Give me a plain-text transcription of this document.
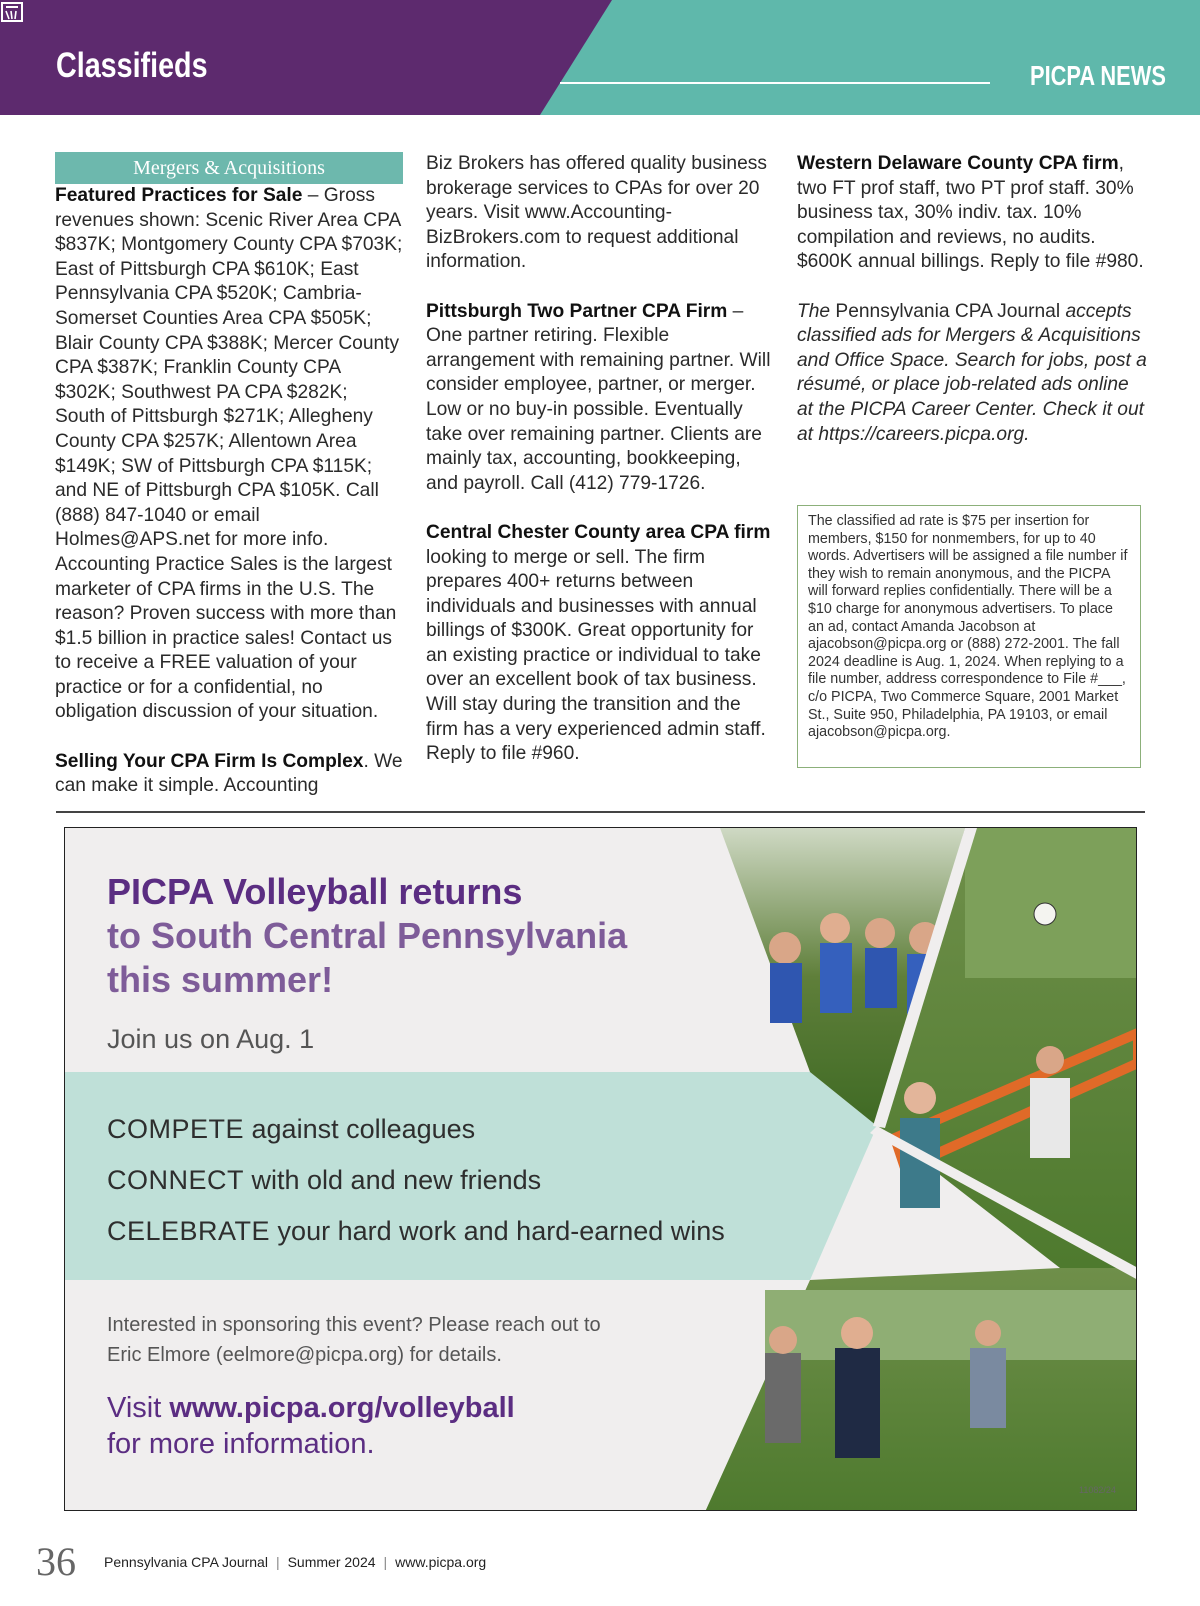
Classifieds	PICPA NEWS
Mergers & Acquisitions

Featured Practices for Sale – Gross revenues shown: Scenic River Area CPA $837K; Montgomery County CPA $703K; East of Pittsburgh CPA $610K; East Pennsylvania CPA $520K; Cambria-Somerset Counties Area CPA $505K; Blair County CPA $388K; Mercer County CPA $387K; Franklin County CPA $302K; Southwest PA CPA $282K; South of Pittsburgh $271K; Allegheny County CPA $257K; Allentown Area $149K; SW of Pittsburgh CPA $115K; and NE of Pittsburgh CPA $105K. Call (888) 847-1040 or email Holmes@APS.net for more info. Accounting Practice Sales is the largest marketer of CPA firms in the U.S. The reason? Proven success with more than $1.5 billion in practice sales! Contact us to receive a FREE valuation of your practice or for a confidential, no obligation discussion of your situation.

Selling Your CPA Firm Is Complex. We can make it simple. Accounting

Biz Brokers has offered quality business brokerage services to CPAs for over 20 years. Visit www.Accounting-BizBrokers.com to request additional information.

Pittsburgh Two Partner CPA Firm – One partner retiring. Flexible arrangement with remaining partner. Will consider employee, partner, or merger. Low or no buy-in possible. Eventually take over remaining partner. Clients are mainly tax, accounting, bookkeeping, and payroll. Call (412) 779-1726.

Central Chester County area CPA firm looking to merge or sell. The firm prepares 400+ returns between individuals and businesses with annual billings of $300K. Great opportunity for an existing practice or individual to take over an excellent book of tax business. Will stay during the transition and the firm has a very experienced admin staff. Reply to file #960.

Western Delaware County CPA firm, two FT prof staff, two PT prof staff. 30% business tax, 30% indiv. tax. 10% compilation and reviews, no audits. $600K annual billings. Reply to file #980.

The Pennsylvania CPA Journal accepts classified ads for Mergers & Acquisitions and Office Space. Search for jobs, post a résumé, or place job-related ads online at the PICPA Career Center. Check it out at https://careers.picpa.org.

The classified ad rate is $75 per insertion for members, $150 for nonmembers, for up to 40 words. Advertisers will be assigned a file number if they wish to remain anonymous, and the PICPA will forward replies confidentially. There will be a $10 charge for anonymous advertisers. To place an ad, contact Amanda Jacobson at ajacobson@picpa.org or (888) 272-2001. The fall 2024 deadline is Aug. 1, 2024. When replying to a file number, address correspondence to File #___, c/o PICPA, Two Commerce Square, 2001 Market St., Suite 950, Philadelphia, PA 19103, or email ajacobson@picpa.org.
PICPA Volleyball returns
to South Central Pennsylvania
this summer!
Join us on Aug. 1
COMPETE against colleagues
CONNECT with old and new friends
CELEBRATE your hard work and hard-earned wins
Interested in sponsoring this event? Please reach out to
Eric Elmore (eelmore@picpa.org) for details.
Visit www.picpa.org/volleyball
for more information.
11082/24
36 Pennsylvania CPA Journal | Summer 2024 | www.picpa.org
